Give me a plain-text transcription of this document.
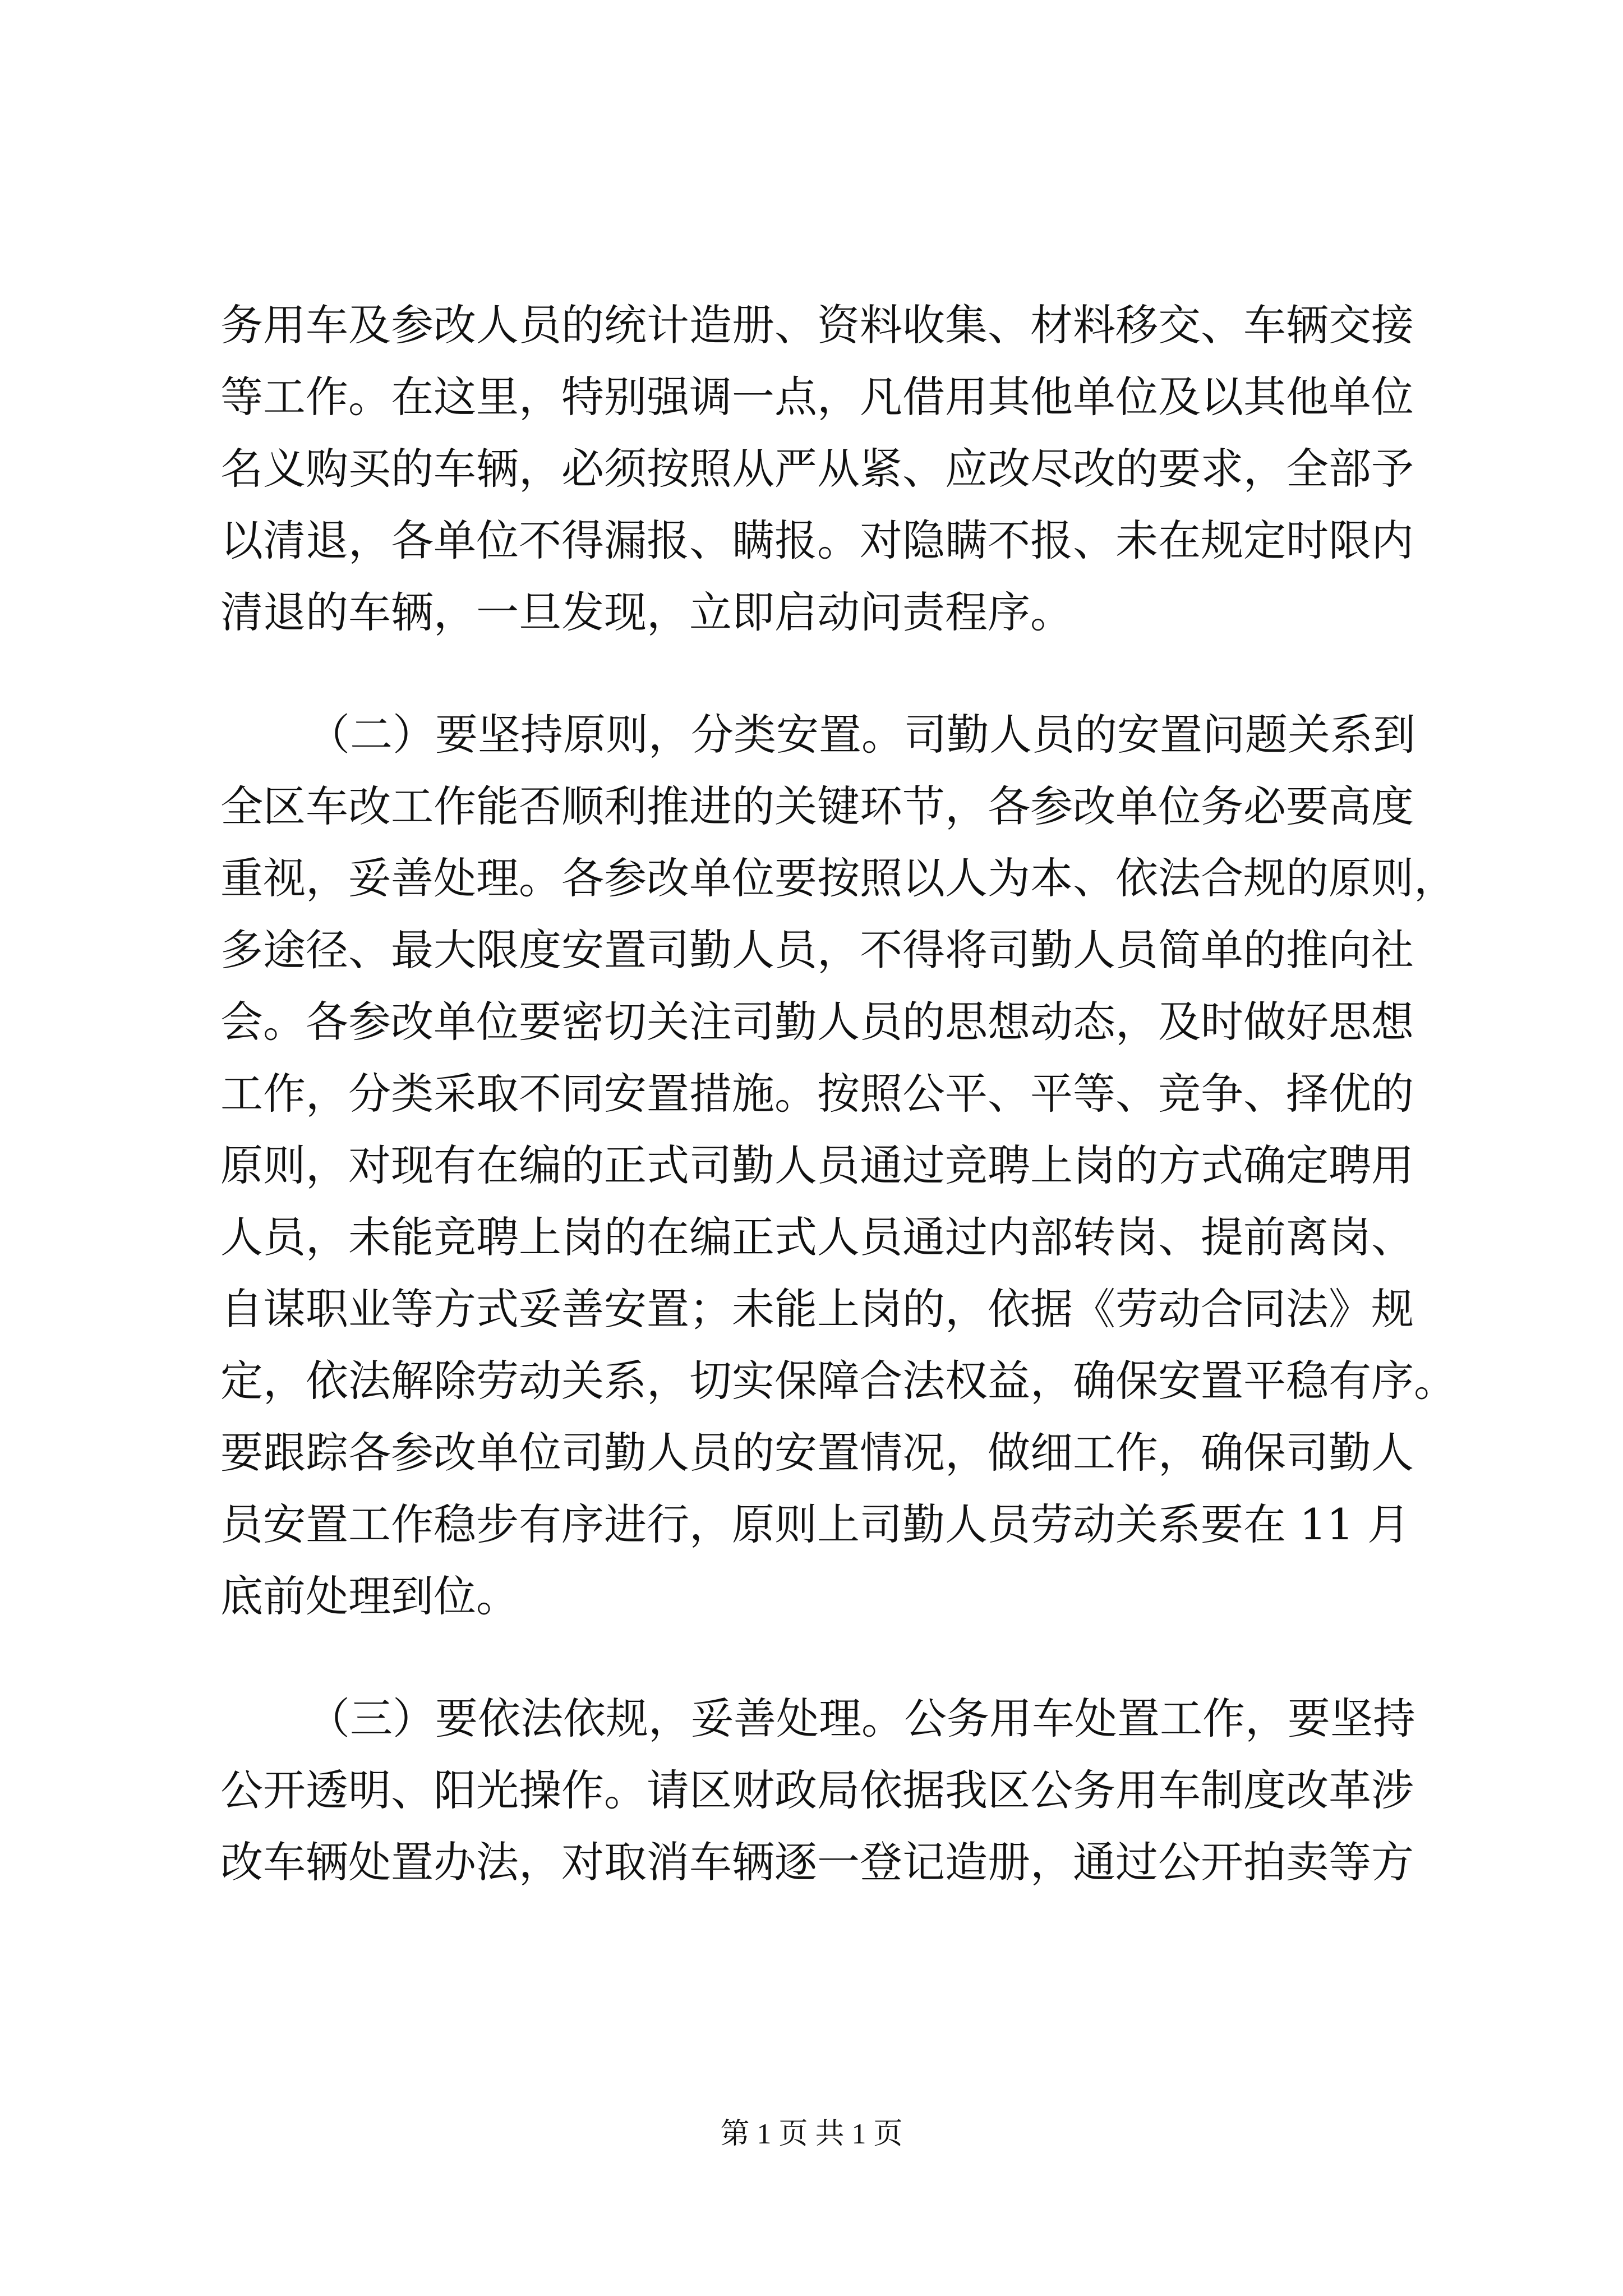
务用车及参改人员的统计造册、资料收集、材料移交、车辆交接
等工作。在这里，特别强调一点，凡借用其他单位及以其他单位
名义购买的车辆，必须按照从严从紧、应改尽改的要求，全部予
以清退，各单位不得漏报、瞒报。对隐瞒不报、未在规定时限内
清退的车辆，一旦发现，立即启动问责程序。
（二）要坚持原则，分类安置。司勤人员的安置问题关系到
全区车改工作能否顺利推进的关键环节，各参改单位务必要高度
重视，妥善处理。各参改单位要按照以人为本、依法合规的原则，
多途径、最大限度安置司勤人员，不得将司勤人员简单的推向社
会。各参改单位要密切关注司勤人员的思想动态，及时做好思想
工作，分类采取不同安置措施。按照公平、平等、竞争、择优的
原则，对现有在编的正式司勤人员通过竞聘上岗的方式确定聘用
人员，未能竞聘上岗的在编正式人员通过内部转岗、提前离岗、
自谋职业等方式妥善安置；未能上岗的，依据《劳动合同法》规
定，依法解除劳动关系，切实保障合法权益，确保安置平稳有序。
要跟踪各参改单位司勤人员的安置情况，做细工作，确保司勤人
员安置工作稳步有序进行，原则上司勤人员劳动关系要在 11 月
底前处理到位。
（三）要依法依规，妥善处理。公务用车处置工作，要坚持
公开透明、阳光操作。请区财政局依据我区公务用车制度改革涉
改车辆处置办法，对取消车辆逐一登记造册，通过公开拍卖等方
第 1 页 共 1 页
